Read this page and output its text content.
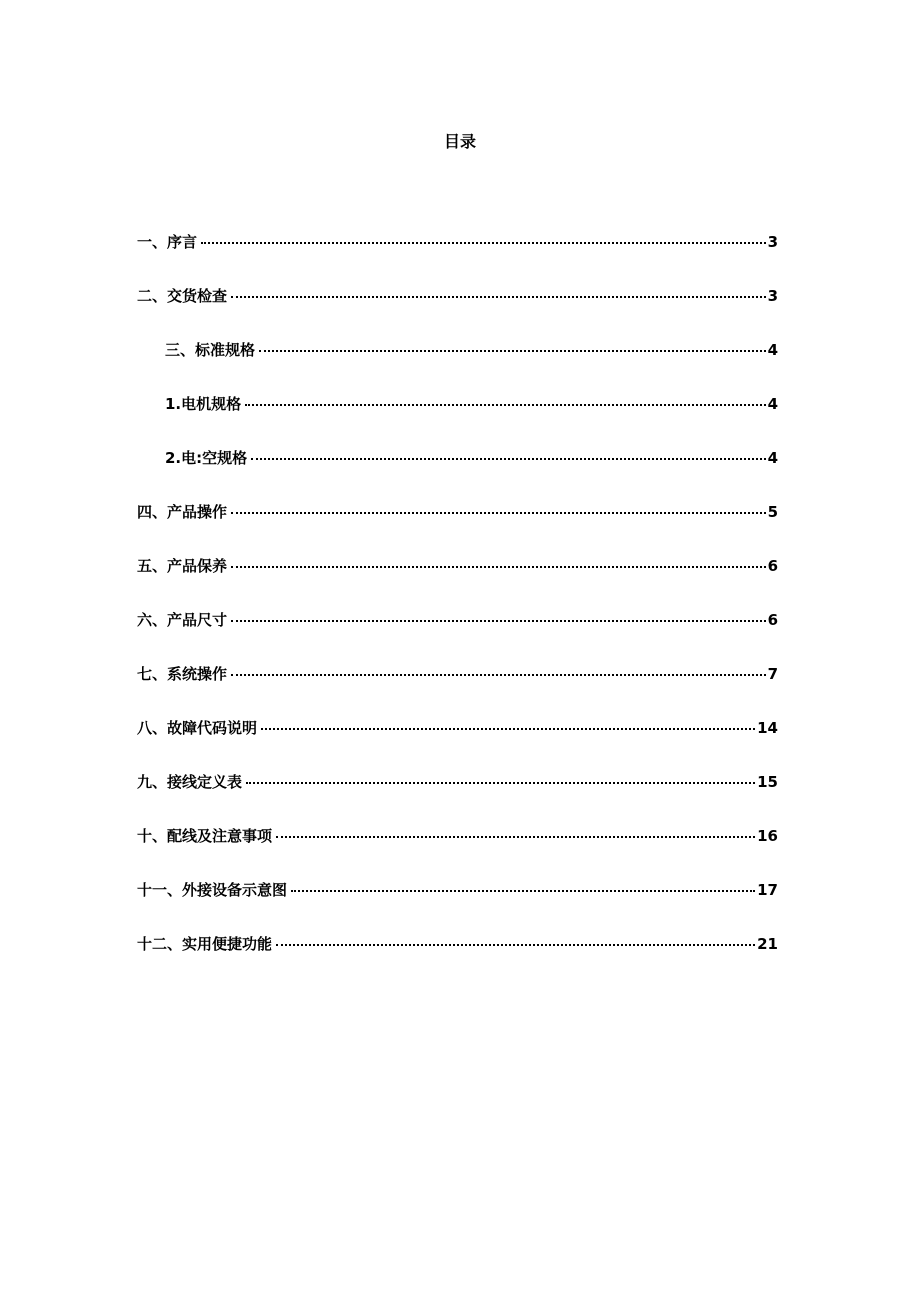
目录
一、序言	3
二、交货检查	3
三、标准规格	4
1.电机规格	4
2.电:空规格	4
四、产品操作	5
五、产品保养	6
六、产品尺寸	6
七、系统操作	7
八、故障代码说明	14
九、接线定义表	15
十、配线及注意事项	16
十一、外接设备示意图	17
十二、实用便捷功能	21
